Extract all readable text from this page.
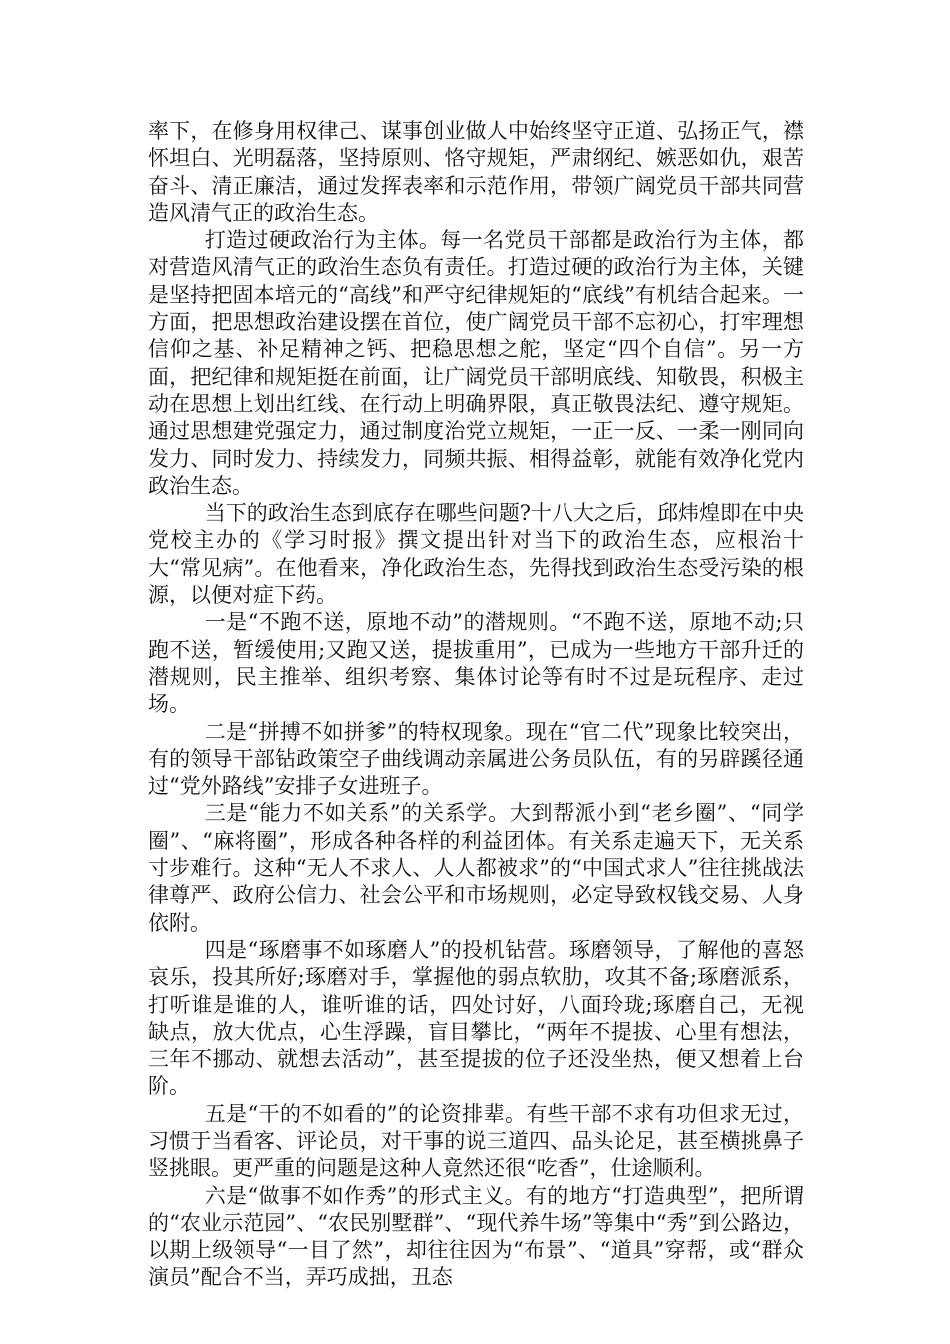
率下，在修身用权律己、谋事创业做人中始终坚守正道、弘扬正气，襟怀坦白、光明磊落，坚持原则、恪守规矩，严肃纲纪、嫉恶如仇，艰苦奋斗、清正廉洁，通过发挥表率和示范作用，带领广阔党员干部共同营造风清气正的政治生态。

打造过硬政治行为主体。每一名党员干部都是政治行为主体，都对营造风清气正的政治生态负有责任。打造过硬的政治行为主体，关键是坚持把固本培元的“高线”和严守纪律规矩的“底线”有机结合起来。一方面，把思想政治建设摆在首位，使广阔党员干部不忘初心，打牢理想信仰之基、补足精神之钙、把稳思想之舵，坚定“四个自信”。另一方面，把纪律和规矩挺在前面，让广阔党员干部明底线、知敬畏，积极主动在思想上划出红线、在行动上明确界限，真正敬畏法纪、遵守规矩。通过思想建党强定力，通过制度治党立规矩，一正一反、一柔一刚同向发力、同时发力、持续发力，同频共振、相得益彰，就能有效净化党内政治生态。

当下的政治生态到底存在哪些问题?十八大之后，邱炜煌即在中央党校主办的《学习时报》撰文提出针对当下的政治生态，应根治十大“常见病”。在他看来，净化政治生态，先得找到政治生态受污染的根源，以便对症下药。

一是“不跑不送，原地不动”的潜规则。“不跑不送，原地不动;只跑不送，暂缓使用;又跑又送，提拔重用”，已成为一些地方干部升迁的潜规则，民主推举、组织考察、集体讨论等有时不过是玩程序、走过场。

二是“拼搏不如拼爹”的特权现象。现在“官二代”现象比较突出，有的领导干部钻政策空子曲线调动亲属进公务员队伍，有的另辟蹊径通过“党外路线”安排子女进班子。

三是“能力不如关系”的关系学。大到帮派小到“老乡圈”、“同学圈”、“麻将圈”，形成各种各样的利益团体。有关系走遍天下，无关系寸步难行。这种“无人不求人、人人都被求”的“中国式求人”往往挑战法律尊严、政府公信力、社会公平和市场规则，必定导致权钱交易、人身依附。

四是“琢磨事不如琢磨人”的投机钻营。琢磨领导，了解他的喜怒哀乐，投其所好;琢磨对手，掌握他的弱点软肋，攻其不备;琢磨派系，打听谁是谁的人，谁听谁的话，四处讨好，八面玲珑;琢磨自己，无视缺点，放大优点，心生浮躁，盲目攀比，“两年不提拔、心里有想法，三年不挪动、就想去活动”，甚至提拔的位子还没坐热，便又想着上台阶。

五是“干的不如看的”的论资排辈。有些干部不求有功但求无过，习惯于当看客、评论员，对干事的说三道四、品头论足，甚至横挑鼻子竖挑眼。更严重的问题是这种人竟然还很“吃香”，仕途顺利。

六是“做事不如作秀”的形式主义。有的地方“打造典型”，把所谓的“农业示范园”、“农民别墅群”、“现代养牛场”等集中“秀”到公路边，以期上级领导“一目了然”，却往往因为“布景”、“道具”穿帮，或“群众演员”配合不当，弄巧成拙，丑态
